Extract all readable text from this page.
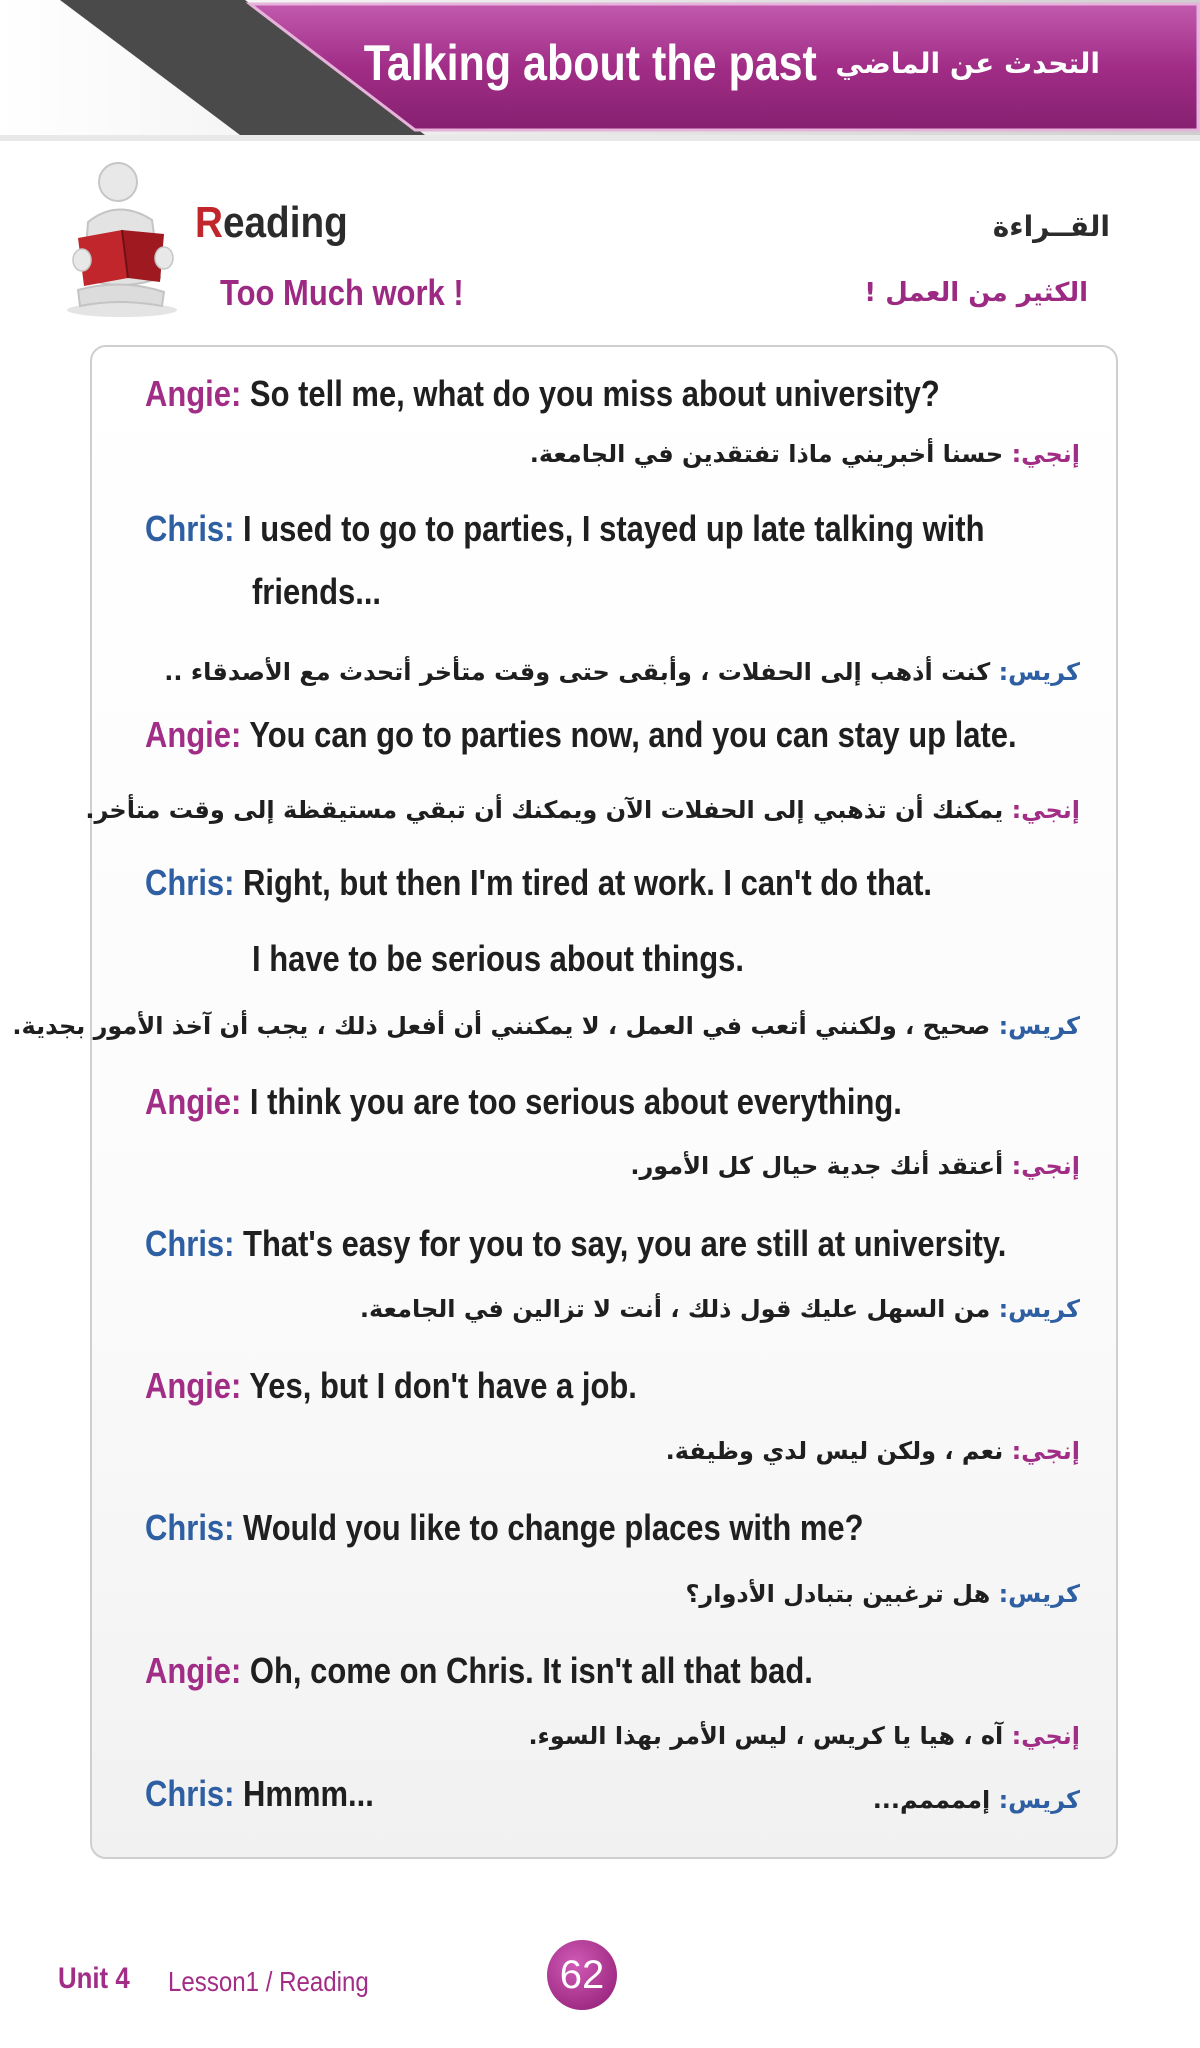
Talking about the past التحدث عن الماضي
Reading	القــراءة
Too Much work !	الكثير من العمل !
Angie: So tell me, what do you miss about university?
إنجي: حسنا أخبريني ماذا تفتقدين في الجامعة.
Chris: I used to go to parties, I stayed up late talking with
friends...
كريس: كنت أذهب إلى الحفلات ، وأبقى حتى وقت متأخر أتحدث مع الأصدقاء ..
Angie: You can go to parties now, and you can stay up late.
إنجي: يمكنك أن تذهبي إلى الحفلات الآن ويمكنك أن تبقي مستيقظة إلى وقت متأخر.
Chris: Right, but then I'm tired at work. I can't do that.
I have to be serious about things.
كريس: صحيح ، ولكنني أتعب في العمل ، لا يمكنني أن أفعل ذلك ، يجب أن آخذ الأمور بجدية.
Angie: I think you are too serious about everything.
إنجي: أعتقد أنك جدية حيال كل الأمور.
Chris: That's easy for you to say, you are still at university.
كريس: من السهل عليك قول ذلك ، أنت لا تزالين في الجامعة.
Angie: Yes, but I don't have a job.
إنجي: نعم ، ولكن ليس لدي وظيفة.
Chris: Would you like to change places with me?
كريس: هل ترغبين بتبادل الأدوار؟
Angie: Oh, come on Chris. It isn't all that bad.
إنجي: آه ، هيا يا كريس ، ليس الأمر بهذا السوء.
Chris: Hmmm...	كريس: إممممم...
Unit 4 Lesson1 / Reading	62
